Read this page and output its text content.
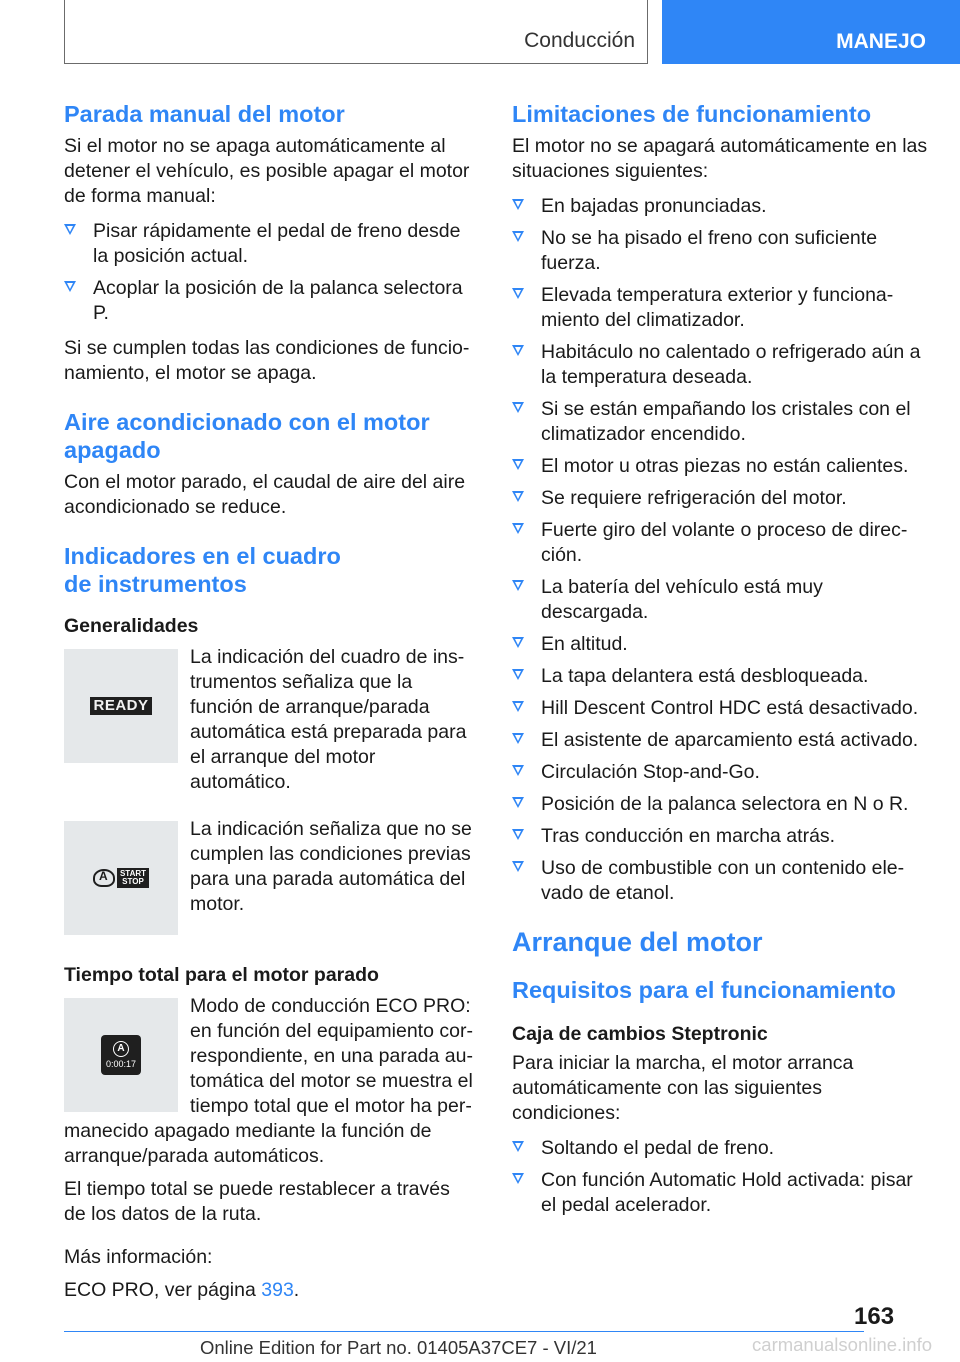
Conducción	MANEJO
Parada manual del motor

Si el motor no se apaga automáticamente al detener el vehículo, es posible apagar el motor de forma manual:

Pisar rápidamente el pedal de freno desde la posición actual.
Acoplar la posición de la palanca selectora P.

Si se cumplen todas las condiciones de funcionamiento, el motor se apaga.

Aire acondicionado con el motor apagado

Con el motor parado, el caudal de aire del aire acondicionado se reduce.

Indicadores en el cuadro de instrumentos
Generalidades
READY
La indicación del cuadro de instrumentos señaliza que la función de arranque/parada automática está preparada para el arranque del motor automático.
A START
STOP
La indicación señaliza que no se cumplen las condiciones previas para una parada automática del motor.
Tiempo total para el motor parado
A
0:00:17

Modo de conducción ECO PRO: en función del equipamiento correspondiente, en una parada automática del motor se muestra el tiempo total que el motor ha permanecido apagado mediante la función de arranque/parada automáticos.

El tiempo total se puede restablecer a través de los datos de la ruta.

Más información:

ECO PRO, ver página 393.

Limitaciones de funcionamiento

El motor no se apagará automáticamente en las situaciones siguientes:

En bajadas pronunciadas.
No se ha pisado el freno con suficiente fuerza.
Elevada temperatura exterior y funcionamiento del climatizador.
Habitáculo no calentado o refrigerado aún a la temperatura deseada.
Si se están empañando los cristales con el climatizador encendido.
El motor u otras piezas no están calientes.
Se requiere refrigeración del motor.
Fuerte giro del volante o proceso de dirección.
La batería del vehículo está muy descargada.
En altitud.
La tapa delantera está desbloqueada.
Hill Descent Control HDC está desactivado.
El asistente de aparcamiento está activado.
Circulación Stop-and-Go.
Posición de la palanca selectora en N o R.
Tras conducción en marcha atrás.
Uso de combustible con un contenido elevado de etanol.
Arranque del motor
Requisitos para el funcionamiento
Caja de cambios Steptronic

Para iniciar la marcha, el motor arranca automáticamente con las siguientes condiciones:

Soltando el pedal de freno.
Con función Automatic Hold activada: pisar el pedal acelerador.
163
Online Edition for Part no. 01405A37CE7 - VI/21	carmanualsonline.info
